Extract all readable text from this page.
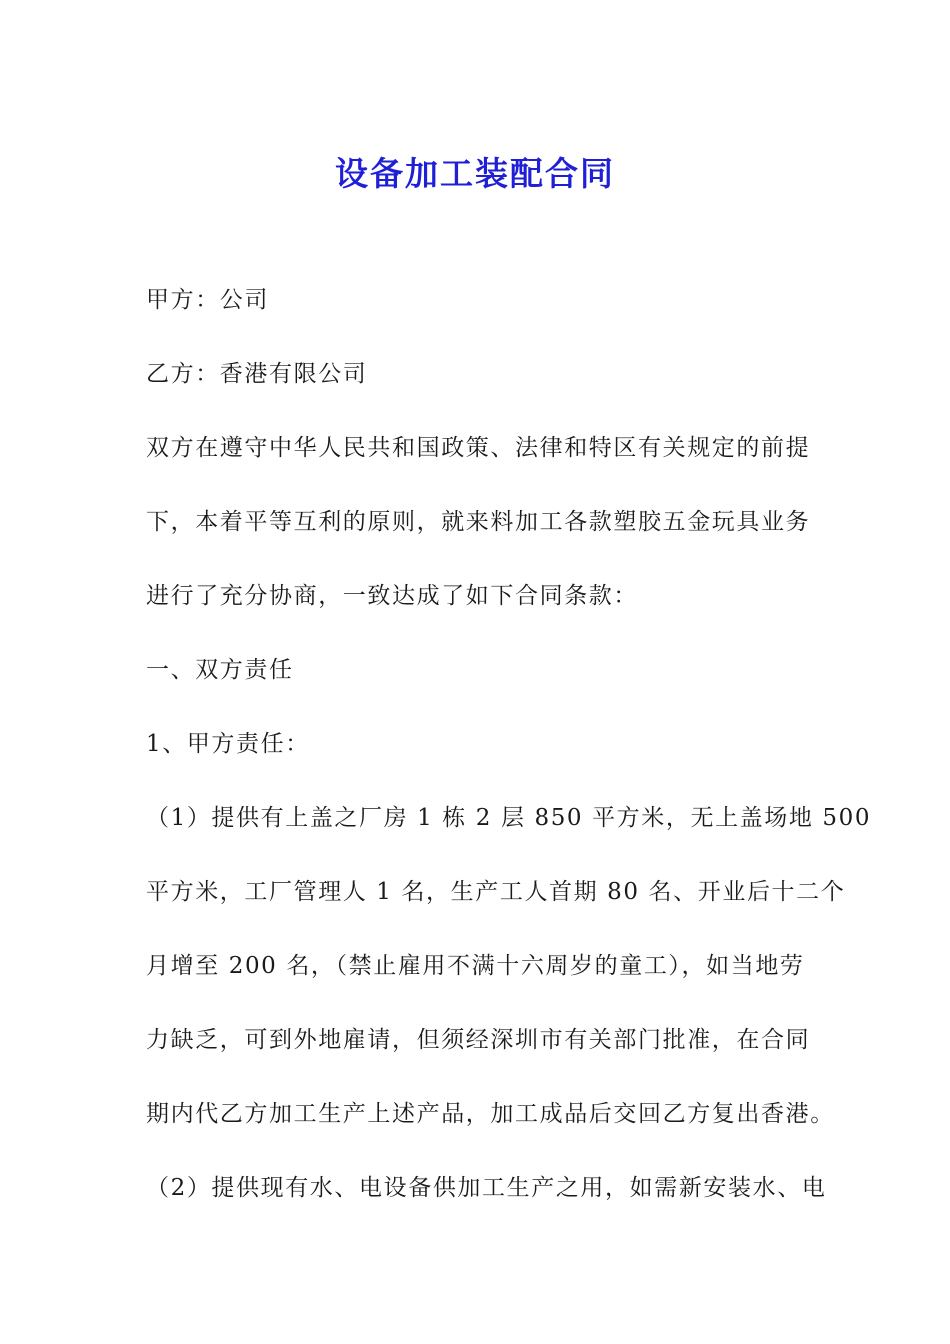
设备加工装配合同

甲方：公司

乙方：香港有限公司

双方在遵守中华人民共和国政策、法律和特区有关规定的前提

下，本着平等互利的原则，就来料加工各款塑胶五金玩具业务

进行了充分协商，一致达成了如下合同条款：

一、双方责任

1、甲方责任：

（1）提供有上盖之厂房 1 栋 2 层 850 平方米，无上盖场地 500

平方米，工厂管理人 1 名，生产工人首期 80 名、开业后十二个

月增至 200 名，（禁止雇用不满十六周岁的童工），如当地劳

力缺乏，可到外地雇请，但须经深圳市有关部门批准，在合同

期内代乙方加工生产上述产品，加工成品后交回乙方复出香港。

（2）提供现有水、电设备供加工生产之用，如需新安装水、电
